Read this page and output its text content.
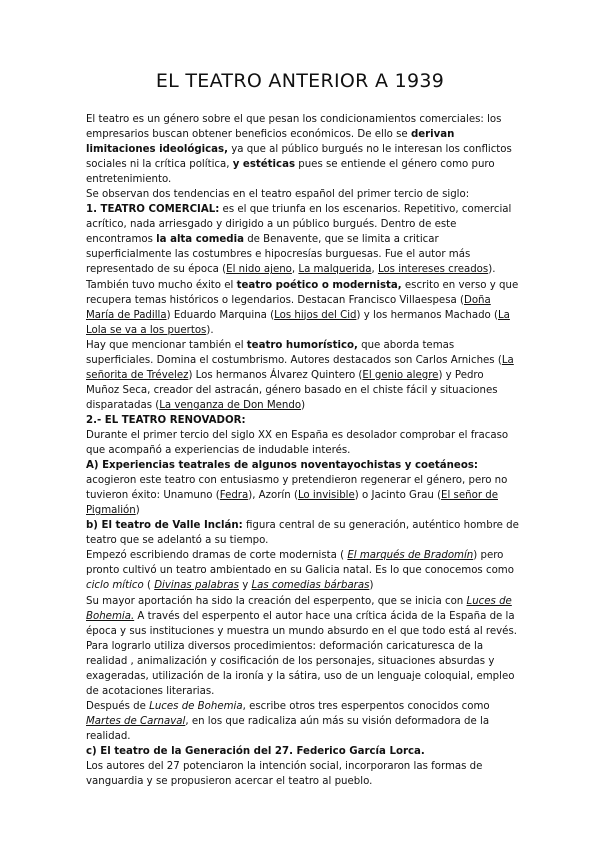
EL TEATRO ANTERIOR A 1939

El teatro es un género sobre el que pesan los condicionamientos comerciales: los empresarios buscan obtener beneficios económicos. De ello se derivan limitaciones ideológicas, ya que al público burgués no le interesan los conflictos sociales ni la crítica política, y estéticas pues se entiende el género como puro entretenimiento.

Se observan dos tendencias en el teatro español del primer tercio de siglo:

1. TEATRO COMERCIAL: es el que triunfa en los escenarios. Repetitivo, comercial acrítico, nada arriesgado y dirigido a un público burgués. Dentro de este encontramos la alta comedia de Benavente, que se limita a criticar superficialmente las costumbres e hipocresías burguesas. Fue el autor más representado de su época (El nido ajeno, La malquerida, Los intereses creados).

También tuvo mucho éxito el teatro poético o modernista, escrito en verso y que recupera temas históricos o legendarios. Destacan Francisco Villaespesa (Doña María de Padilla) Eduardo Marquina (Los hijos del Cid) y los hermanos Machado (La Lola se va a los puertos).

Hay que mencionar también el teatro humorístico, que aborda temas superficiales. Domina el costumbrismo. Autores destacados son Carlos Arniches (La señorita de Trévelez) Los hermanos Álvarez Quintero (El genio alegre) y Pedro Muñoz Seca, creador del astracán, género basado en el chiste fácil y situaciones disparatadas (La venganza de Don Mendo)

2.- EL TEATRO RENOVADOR:

Durante el primer tercio del siglo XX en España es desolador comprobar el fracaso que acompañó a experiencias de indudable interés.

A) Experiencias teatrales de algunos noventayochistas y coetáneos: acogieron este teatro con entusiasmo y pretendieron regenerar el género, pero no tuvieron éxito: Unamuno (Fedra), Azorín (Lo invisible) o Jacinto Grau (El señor de Pigmalión)

b) El teatro de Valle Inclán: figura central de su generación, auténtico hombre de teatro que se adelantó a su tiempo.

Empezó escribiendo dramas de corte modernista ( El marqués de Bradomín) pero pronto cultivó un teatro ambientado en su Galicia natal. Es lo que conocemos como ciclo mítico ( Divinas palabras y Las comedias bárbaras)

Su mayor aportación ha sido la creación del esperpento, que se inicia con Luces de Bohemia. A través del esperpento el autor hace una crítica ácida de la España de la época y sus instituciones y muestra un mundo absurdo en el que todo está al revés. Para lograrlo utiliza diversos procedimientos: deformación caricaturesca de la realidad , animalización y cosificación de los personajes, situaciones absurdas y exageradas, utilización de la ironía y la sátira, uso de un lenguaje coloquial, empleo de acotaciones literarias.

Después de Luces de Bohemia, escribe otros tres esperpentos conocidos como Martes de Carnaval, en los que radicaliza aún más su visión deformadora de la realidad.

c) El teatro de la Generación del 27. Federico García Lorca.

Los autores del 27 potenciaron la intención social, incorporaron las formas de vanguardia y se propusieron acercar el teatro al pueblo.
